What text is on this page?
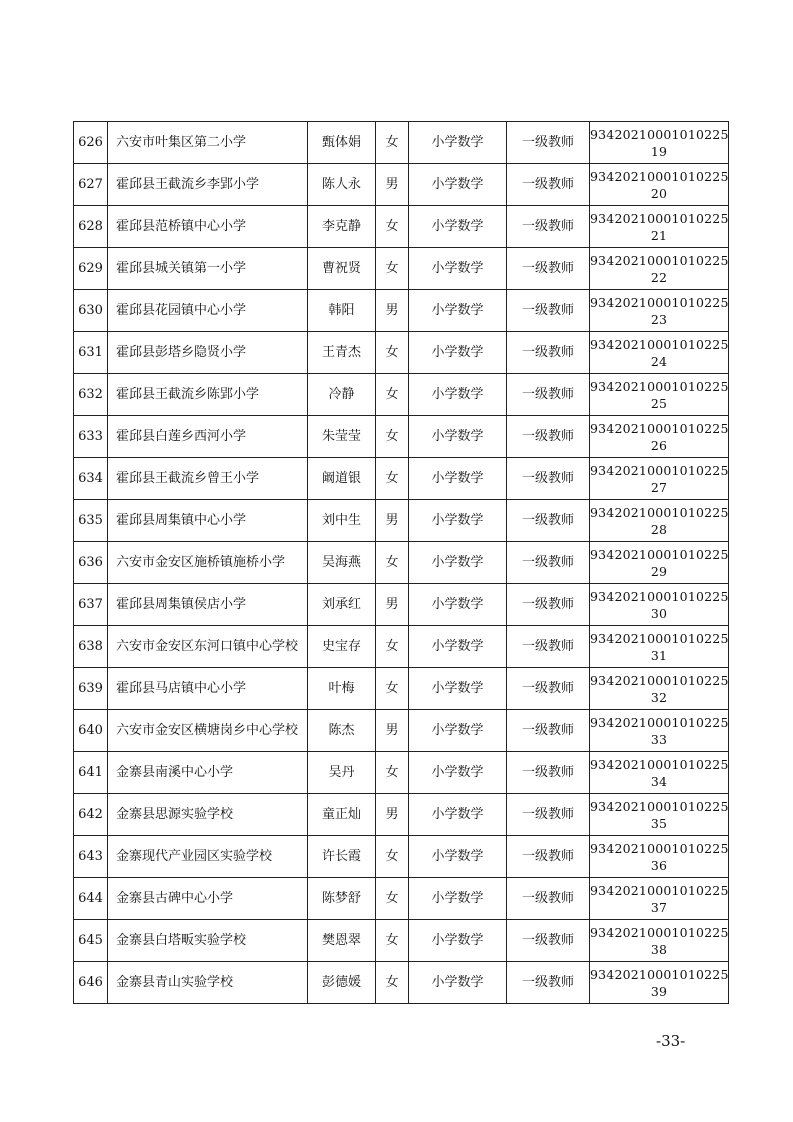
626	六安市叶集区第二小学	甄体娟	女	小学数学	一级教师	93420210001010225
19

627	霍邱县王截流乡李郢小学	陈人永	男	小学数学	一级教师	93420210001010225
20

628	霍邱县范桥镇中心小学	李克静	女	小学数学	一级教师	93420210001010225
21

629	霍邱县城关镇第一小学	曹祝贤	女	小学数学	一级教师	93420210001010225
22

630	霍邱县花园镇中心小学	韩阳	男	小学数学	一级教师	93420210001010225
23

631	霍邱县彭塔乡隐贤小学	王青杰	女	小学数学	一级教师	93420210001010225
24

632	霍邱县王截流乡陈郢小学	冷静	女	小学数学	一级教师	93420210001010225
25

633	霍邱县白莲乡西河小学	朱莹莹	女	小学数学	一级教师	93420210001010225
26

634	霍邱县王截流乡曾王小学	阚道银	女	小学数学	一级教师	93420210001010225
27

635	霍邱县周集镇中心小学	刘中生	男	小学数学	一级教师	93420210001010225
28

636	六安市金安区施桥镇施桥小学	吴海燕	女	小学数学	一级教师	93420210001010225
29

637	霍邱县周集镇侯店小学	刘承红	男	小学数学	一级教师	93420210001010225
30

638	六安市金安区东河口镇中心学校	史宝存	女	小学数学	一级教师	93420210001010225
31

639	霍邱县马店镇中心小学	叶梅	女	小学数学	一级教师	93420210001010225
32

640	六安市金安区横塘岗乡中心学校	陈杰	男	小学数学	一级教师	93420210001010225
33

641	金寨县南溪中心小学	吴丹	女	小学数学	一级教师	93420210001010225
34

642	金寨县思源实验学校	童正灿	男	小学数学	一级教师	93420210001010225
35

643	金寨现代产业园区实验学校	许长霞	女	小学数学	一级教师	93420210001010225
36

644	金寨县古碑中心小学	陈梦舒	女	小学数学	一级教师	93420210001010225
37

645	金寨县白塔畈实验学校	樊恩翠	女	小学数学	一级教师	93420210001010225
38

646	金寨县青山实验学校	彭德媛	女	小学数学	一级教师	93420210001010225
39
-33-
